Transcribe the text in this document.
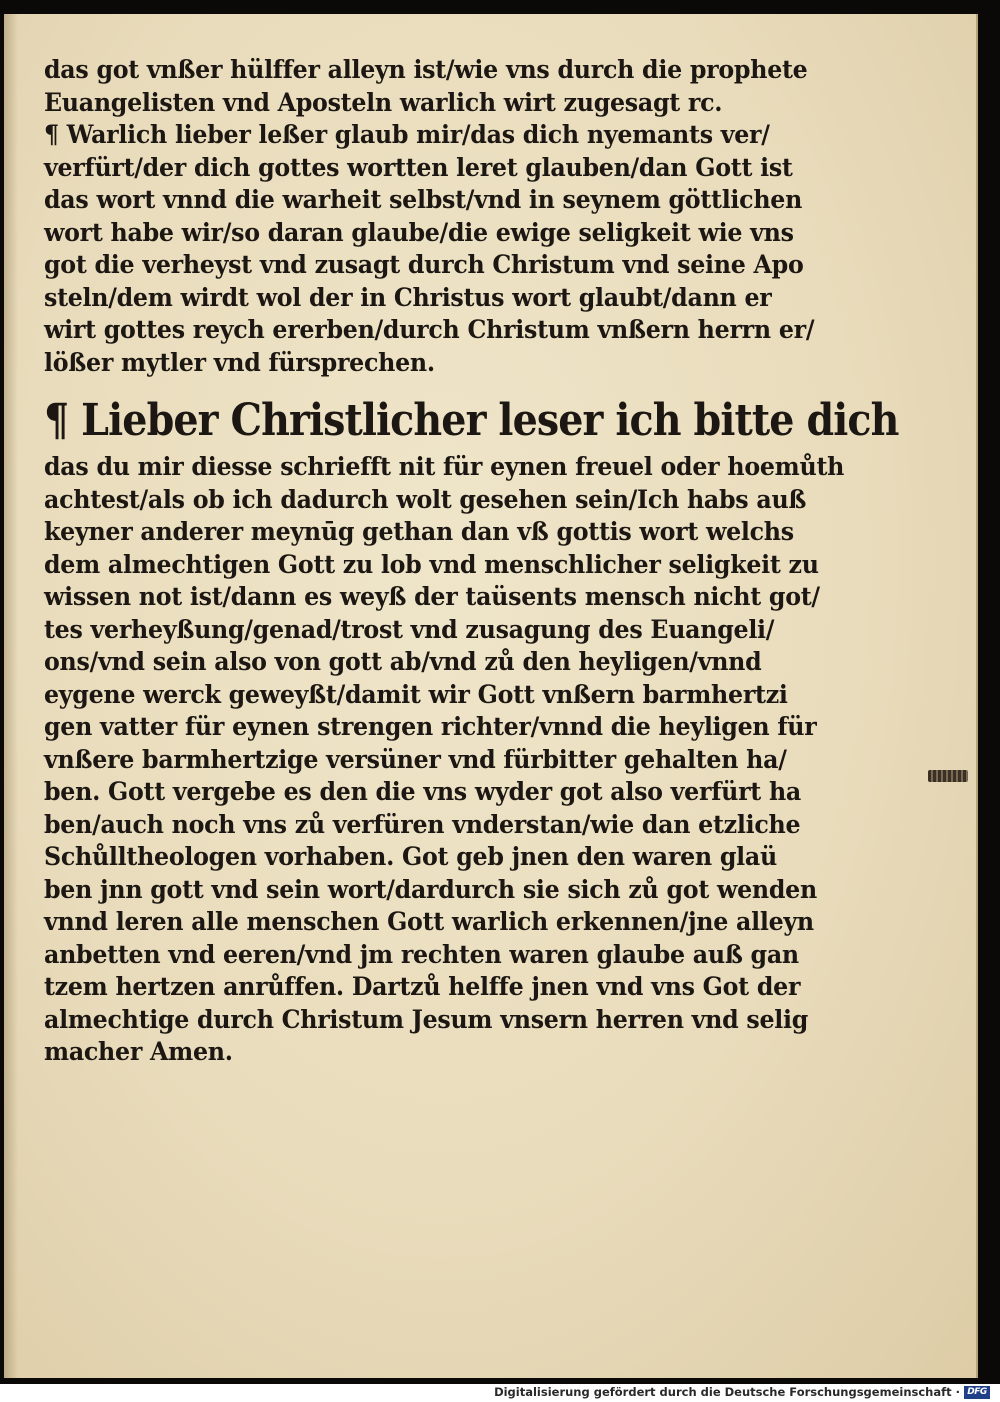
das got vnßer hülffer alleyn ist/wie vns durch die prophete
Euangelisten vnd Aposteln warlich wirt zugesagt rc.
¶ Warlich lieber leßer glaub mir/das dich nyemants ver/
verfürt/der dich gottes wortten leret glauben/dan Gott ist
das wort vnnd die warheit selbst/vnd in seynem göttlichen
wort habe wir/so daran glaube/die ewige seligkeit wie vns
got die verheyst vnd zusagt durch Christum vnd seine Apo
steln/dem wirdt wol der in Christus wort glaubt/dann er
wirt gottes reych ererben/durch Christum vnßern herrn er/
lößer mytler vnd fürsprechen.
¶ Lieber Christlicher leser ich bitte dich
das du mir diesse schriefft nit für eynen freuel oder hoemůth
achtest/als ob ich dadurch wolt gesehen sein/Ich habs auß
keyner anderer meynūg gethan dan vß gottis wort welchs
dem almechtigen Gott zu lob vnd menschlicher seligkeit zu
wissen not ist/dann es weyß der taüsents mensch nicht got/
tes verheyßung/genad/trost vnd zusagung des Euangeli/
ons/vnd sein also von gott ab/vnd zů den heyligen/vnnd
eygene werck geweyßt/damit wir Gott vnßern barmhertzi
gen vatter für eynen strengen richter/vnnd die heyligen für
vnßere barmhertzige versüner vnd fürbitter gehalten ha/
ben. Gott vergebe es den die vns wyder got also verfürt ha
ben/auch noch vns zů verfüren vnderstan/wie dan etzliche
Schůlltheologen vorhaben. Got geb jnen den waren glaü
ben jnn gott vnd sein wort/dardurch sie sich zů got wenden
vnnd leren alle menschen Gott warlich erkennen/jne alleyn
anbetten vnd eeren/vnd jm rechten waren glaube auß gan
tzem hertzen anrůffen. Dartzů helffe jnen vnd vns Got der
almechtige durch Christum Jesum vnsern herren vnd selig
macher Amen.
Digitalisierung gefördert durch die Deutsche Forschungsgemeinschaft · DFG
